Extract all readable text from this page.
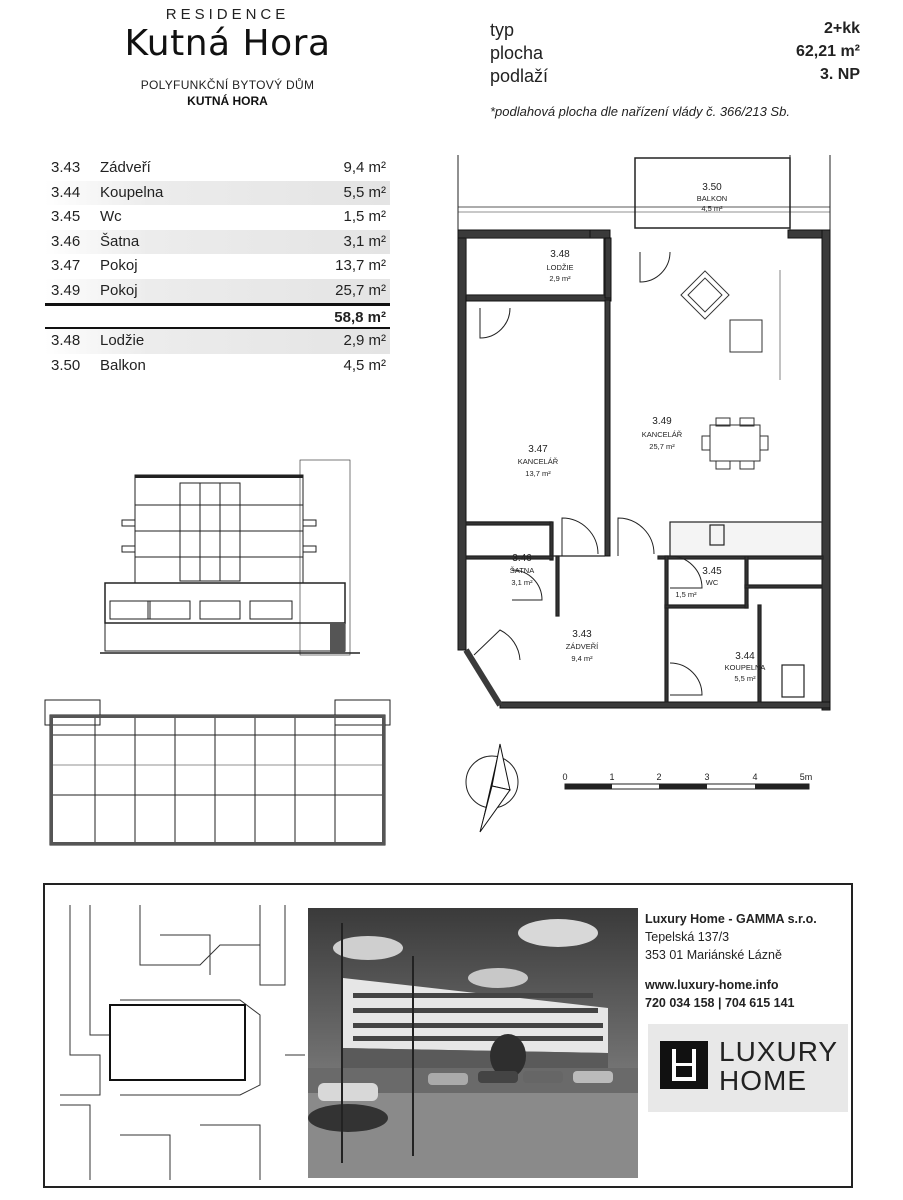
RESIDENCE
Kutná Hora
POLYFUNKČNÍ BYTOVÝ DŮM
KUTNÁ HORA
typ	2+kk
plocha	62,21 m²
podlaží	3. NP
*podlahová plocha dle nařízení vlády č. 366/213 Sb.
3.43 Zádveří	9,4 m²
3.44 Koupelna	5,5 m²
3.45 Wc	1,5 m²
3.46 Šatna	3,1 m²
3.47 Pokoj	13,7 m²
3.49 Pokoj	25,7 m²
58,8 m²
3.48 Lodžie	2,9 m²
3.50 Balkon	4,5 m²
3.50
BALKON
4,5 m²
3.48
LODŽIE
2,9 m²
3.47
KANCELÁŘ
13,7 m²
3.49
KANCELÁŘ
25,7 m²
3.46
ŠATNA
3,1 m²
3.45
WC
1,5 m²
3.43
ZÁDVEŘÍ
9,4 m²	3.44
KOUPELNA
5,5 m²
0	1	2	3	4	5m
Luxury Home - GAMMA s.r.o.
Tepelská 137/3
353 01 Mariánské Lázně
www.luxury-home.info
720 034 158 | 704 615 141
LUXURY
HOME
